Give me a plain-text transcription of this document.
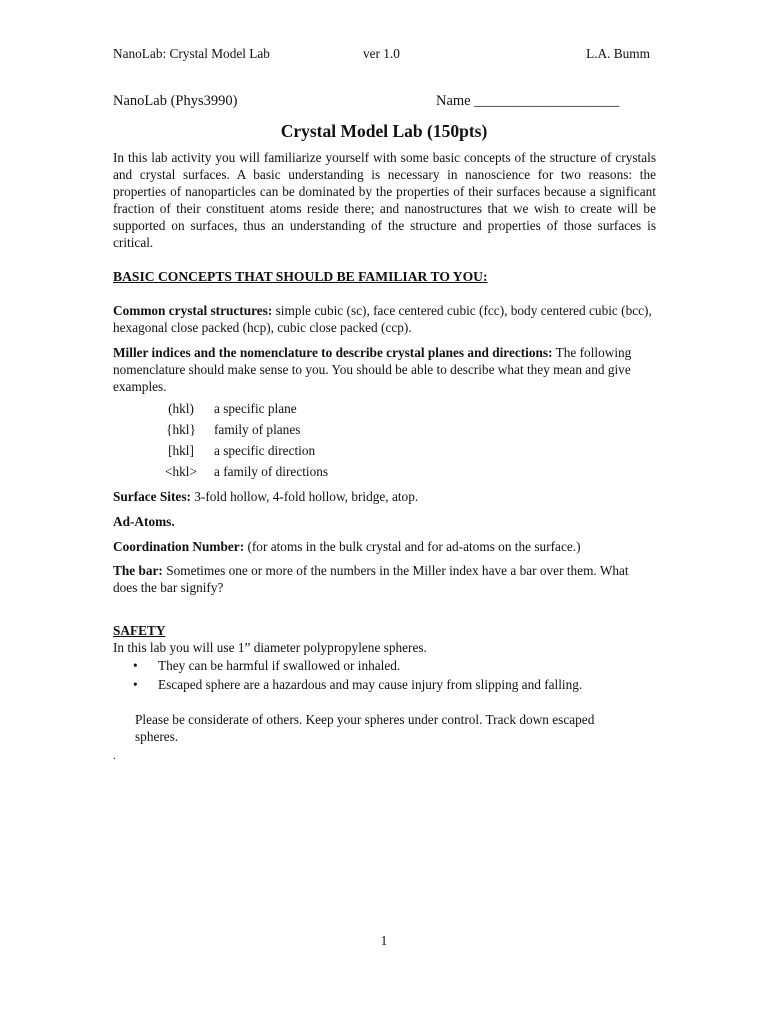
NanoLab: Crystal Model Lab	ver 1.0	L.A. Bumm
NanoLab (Phys3990)	Name ____________________
Crystal Model Lab (150pts)

In this lab activity you will familiarize yourself with some basic concepts of the structure of crystals and crystal surfaces. A basic understanding is necessary in nanoscience for two reasons: the properties of nanoparticles can be dominated by the properties of their surfaces because a significant fraction of their constituent atoms reside there; and nanostructures that we wish to create will be supported on surfaces, thus an understanding of the structure and properties of those surfaces is critical.

BASIC CONCEPTS THAT SHOULD BE FAMILIAR TO YOU:

Common crystal structures: simple cubic (sc), face centered cubic (fcc), body centered cubic (bcc), hexagonal close packed (hcp), cubic close packed (ccp).

Miller indices and the nomenclature to describe crystal planes and directions: The following nomenclature should make sense to you. You should be able to describe what they mean and give examples.

(hkl)	a specific plane
{hkl}	family of planes
[hkl]	a specific direction
<hkl>	a family of directions

Surface Sites: 3-fold hollow, 4-fold hollow, bridge, atop.

Ad-Atoms.

Coordination Number: (for atoms in the bulk crystal and for ad-atoms on the surface.)

The bar: Sometimes one or more of the numbers in the Miller index have a bar over them. What does the bar signify?

SAFETY

In this lab you will use 1” diameter polypropylene spheres.

• They can be harmful if swallowed or inhaled.
• Escaped sphere are a hazardous and may cause injury from slipping and falling.

Please be considerate of others. Keep your spheres under control. Track down escaped spheres.

.
1
